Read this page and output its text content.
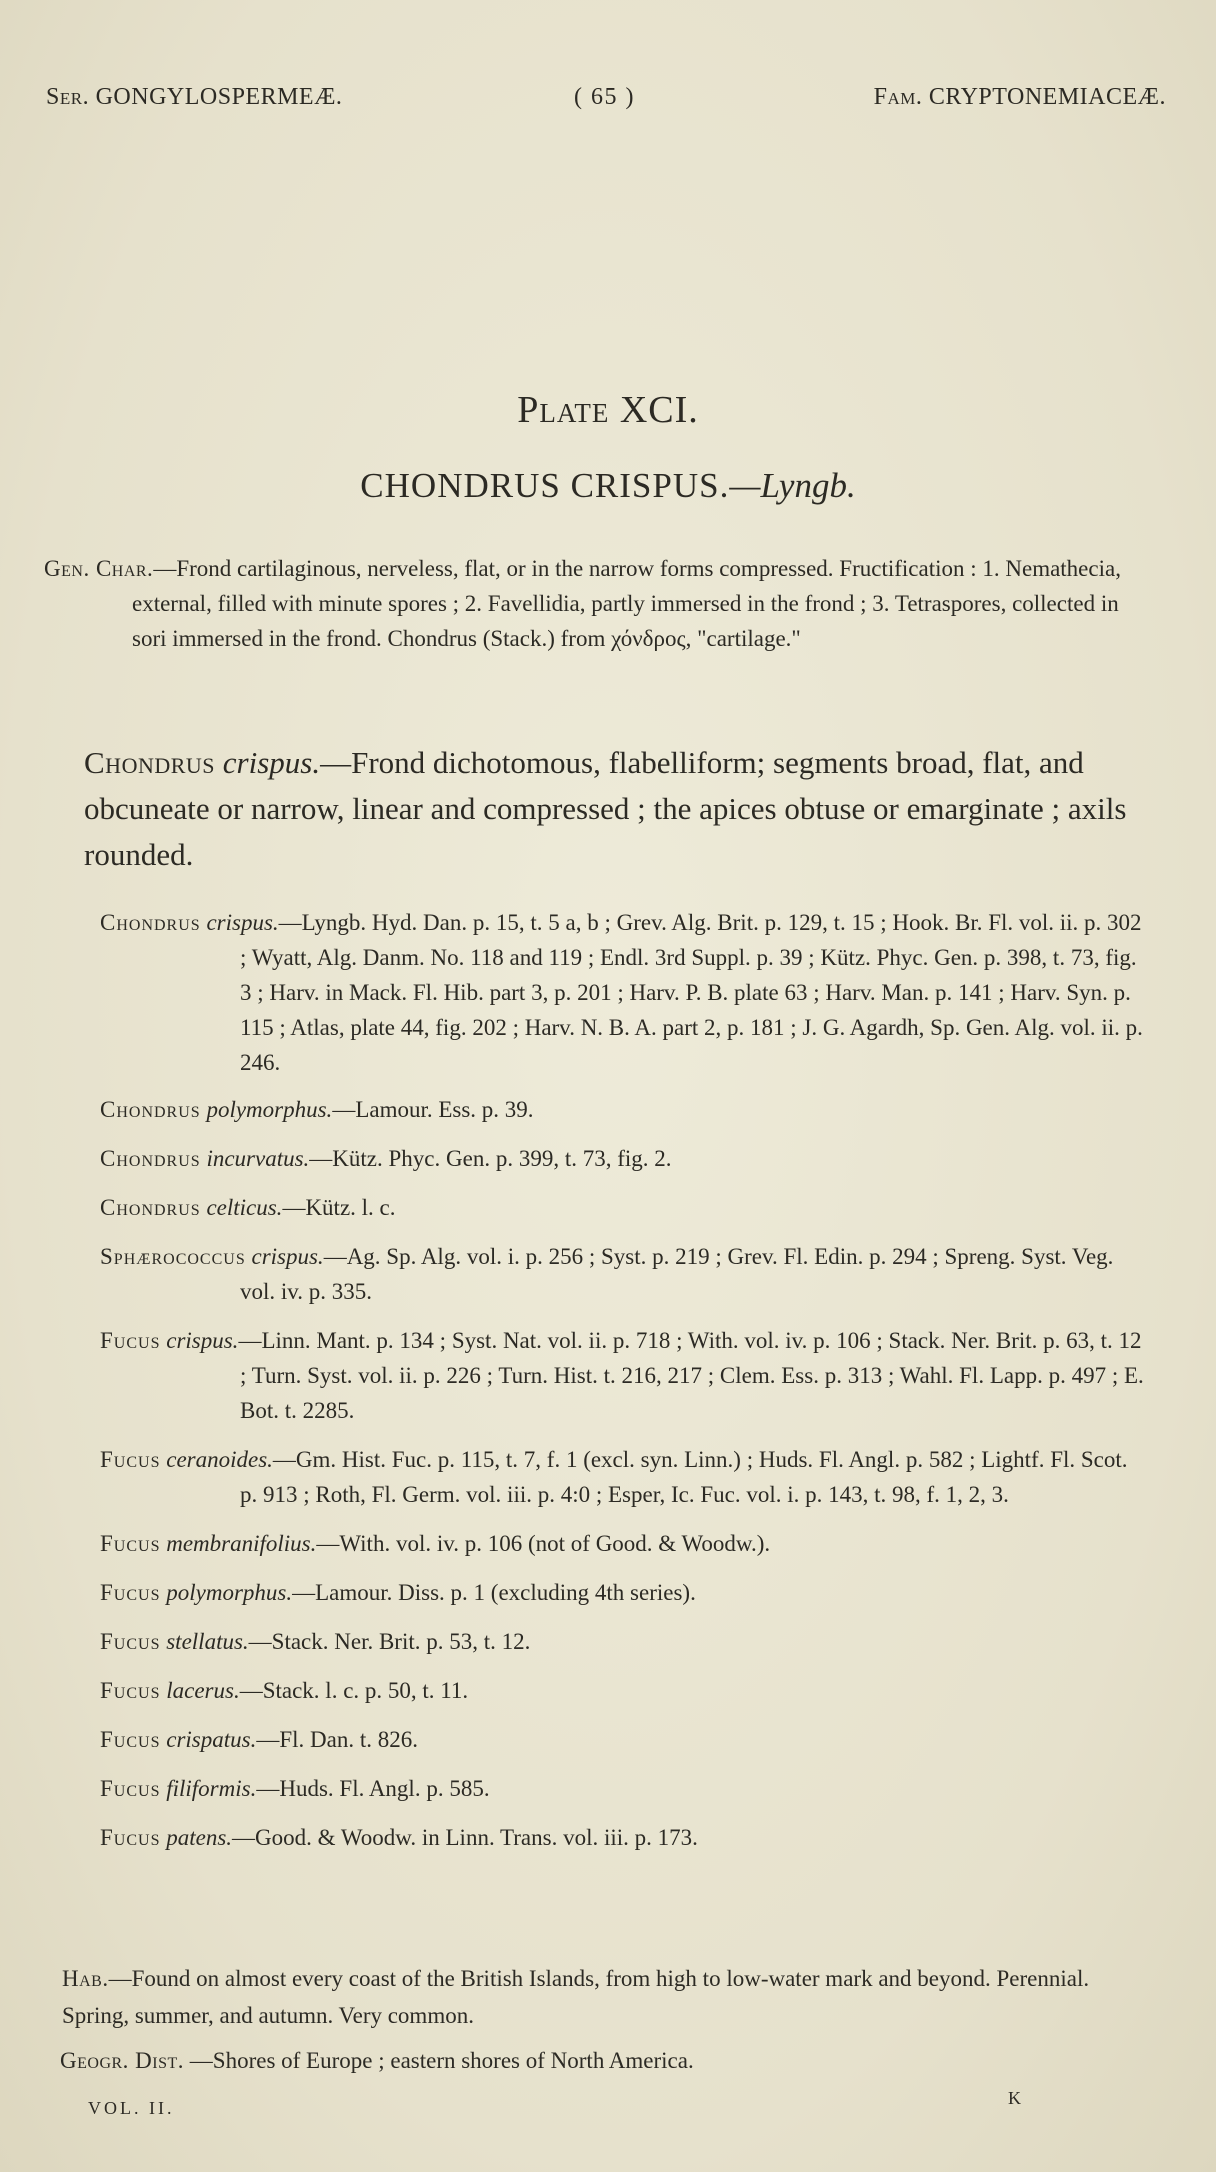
Ser. GONGYLOSPERMEÆ.	( 65 )	Fam. CRYPTONEMIACEÆ.
Plate XCI.
CHONDRUS CRISPUS.—Lyngb.

Gen. Char.—Frond cartilaginous, nerveless, flat, or in the narrow forms compressed. Fructification : 1. Nemathecia, external, filled with minute spores ; 2. Favellidia, partly immersed in the frond ; 3. Tetraspores, collected in sori immersed in the frond. Chondrus (Stack.) from χόνδρος, "cartilage."

Chondrus crispus.—Frond dichotomous, flabelliform; segments broad, flat, and obcuneate or narrow, linear and compressed ; the apices obtuse or emarginate ; axils rounded.
Chondrus crispus.—Lyngb. Hyd. Dan. p. 15, t. 5 a, b ; Grev. Alg. Brit. p. 129, t. 15 ; Hook. Br. Fl. vol. ii. p. 302 ; Wyatt, Alg. Danm. No. 118 and 119 ; Endl. 3rd Suppl. p. 39 ; Kütz. Phyc. Gen. p. 398, t. 73, fig. 3 ; Harv. in Mack. Fl. Hib. part 3, p. 201 ; Harv. P. B. plate 63 ; Harv. Man. p. 141 ; Harv. Syn. p. 115 ; Atlas, plate 44, fig. 202 ; Harv. N. B. A. part 2, p. 181 ; J. G. Agardh, Sp. Gen. Alg. vol. ii. p. 246.
Chondrus polymorphus.—Lamour. Ess. p. 39.
Chondrus incurvatus.—Kütz. Phyc. Gen. p. 399, t. 73, fig. 2.
Chondrus celticus.—Kütz. l. c.
Sphærococcus crispus.—Ag. Sp. Alg. vol. i. p. 256 ; Syst. p. 219 ; Grev. Fl. Edin. p. 294 ; Spreng. Syst. Veg. vol. iv. p. 335.
Fucus crispus.—Linn. Mant. p. 134 ; Syst. Nat. vol. ii. p. 718 ; With. vol. iv. p. 106 ; Stack. Ner. Brit. p. 63, t. 12 ; Turn. Syst. vol. ii. p. 226 ; Turn. Hist. t. 216, 217 ; Clem. Ess. p. 313 ; Wahl. Fl. Lapp. p. 497 ; E. Bot. t. 2285.
Fucus ceranoides.—Gm. Hist. Fuc. p. 115, t. 7, f. 1 (excl. syn. Linn.) ; Huds. Fl. Angl. p. 582 ; Lightf. Fl. Scot. p. 913 ; Roth, Fl. Germ. vol. iii. p. 4:0 ; Esper, Ic. Fuc. vol. i. p. 143, t. 98, f. 1, 2, 3.
Fucus membranifolius.—With. vol. iv. p. 106 (not of Good. & Woodw.).
Fucus polymorphus.—Lamour. Diss. p. 1 (excluding 4th series).
Fucus stellatus.—Stack. Ner. Brit. p. 53, t. 12.
Fucus lacerus.—Stack. l. c. p. 50, t. 11.
Fucus crispatus.—Fl. Dan. t. 826.
Fucus filiformis.—Huds. Fl. Angl. p. 585.
Fucus patens.—Good. & Woodw. in Linn. Trans. vol. iii. p. 173.
Hab.—Found on almost every coast of the British Islands, from high to low-water mark and beyond. Perennial. Spring, summer, and autumn. Very common.
Geogr. Dist. —Shores of Europe ; eastern shores of North America.
VOL. II.	K
